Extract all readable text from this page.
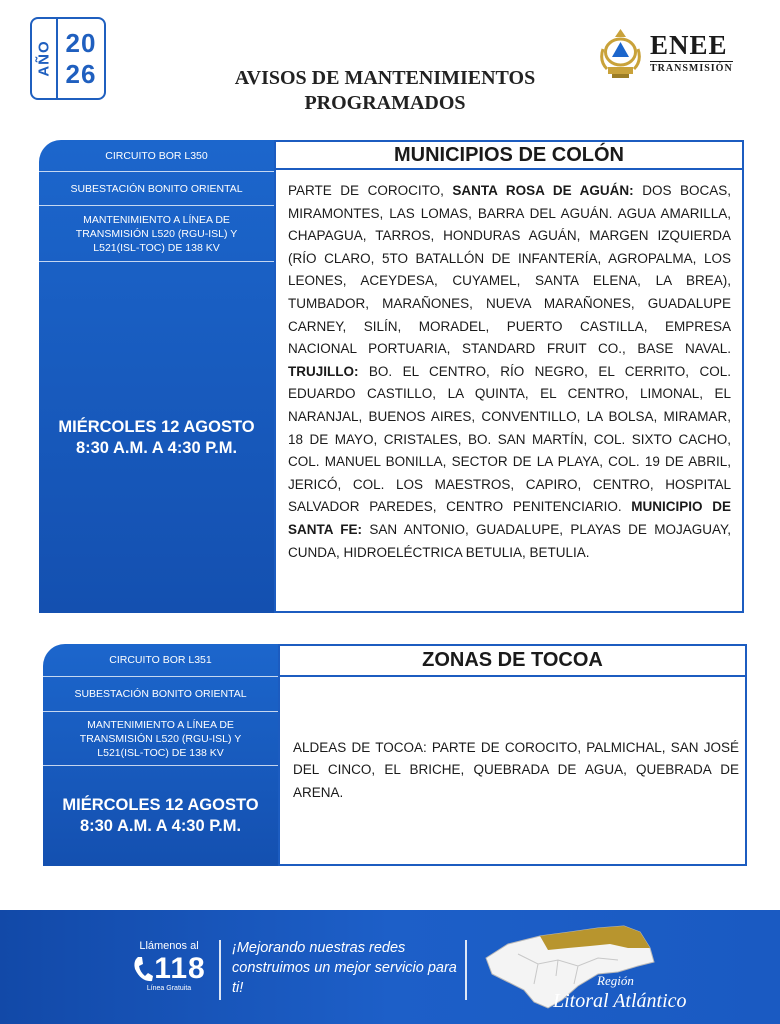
AÑO 20
26	AVISOS DE MANTENIMIENTOS
PROGRAMADOS
ENEE
TRANSMISIÓN
CIRCUITO BOR L350
SUBESTACIÓN BONITO ORIENTAL
MANTENIMIENTO A LÍNEA DE TRANSMISIÓN L520 (RGU-ISL) Y L521(ISL-TOC) DE 138 KV
MIÉRCOLES 12 AGOSTO
8:30 A.M. A 4:30 P.M.
MUNICIPIOS DE COLÓN
PARTE DE COROCITO, SANTA ROSA DE AGUÁN: DOS BOCAS, MIRAMONTES, LAS LOMAS, BARRA DEL AGUÁN. AGUA AMARILLA, CHAPAGUA, TARROS, HONDURAS AGUÁN, MARGEN IZQUIERDA (RÍO CLARO, 5TO BATALLÓN DE INFANTERÍA, AGROPALMA, LOS LEONES, ACEYDESA, CUYAMEL, SANTA ELENA, LA BREA), TUMBADOR, MARAÑONES, NUEVA MARAÑONES, GUADALUPE CARNEY, SILÍN, MORADEL, PUERTO CASTILLA, EMPRESA NACIONAL PORTUARIA, STANDARD FRUIT CO., BASE NAVAL. TRUJILLO: BO. EL CENTRO, RÍO NEGRO, EL CERRITO, COL. EDUARDO CASTILLO, LA QUINTA, EL CENTRO, LIMONAL, EL NARANJAL, BUENOS AIRES, CONVENTILLO, LA BOLSA, MIRAMAR, 18 DE MAYO, CRISTALES, BO. SAN MARTÍN, COL. SIXTO CACHO, COL. MANUEL BONILLA, SECTOR DE LA PLAYA, COL. 19 DE ABRIL, JERICÓ, COL. LOS MAESTROS, CAPIRO, CENTRO, HOSPITAL SALVADOR PAREDES, CENTRO PENITENCIARIO. MUNICIPIO DE SANTA FE: SAN ANTONIO, GUADALUPE, PLAYAS DE MOJAGUAY, CUNDA, HIDROELÉCTRICA BETULIA, BETULIA.
CIRCUITO BOR L351
SUBESTACIÓN BONITO ORIENTAL
MANTENIMIENTO A LÍNEA DE TRANSMISIÓN L520 (RGU-ISL) Y L521(ISL-TOC) DE 138 KV
MIÉRCOLES 12 AGOSTO
8:30 A.M. A 4:30 P.M.
ZONAS DE TOCOA
ALDEAS DE TOCOA: PARTE DE COROCITO, PALMICHAL, SAN JOSÉ DEL CINCO, EL BRICHE, QUEBRADA DE AGUA, QUEBRADA DE ARENA.
Llámenos al
118
Línea Gratuita
¡Mejorando nuestras redes construimos un mejor servicio para ti!	Región
Litoral Atlántico
